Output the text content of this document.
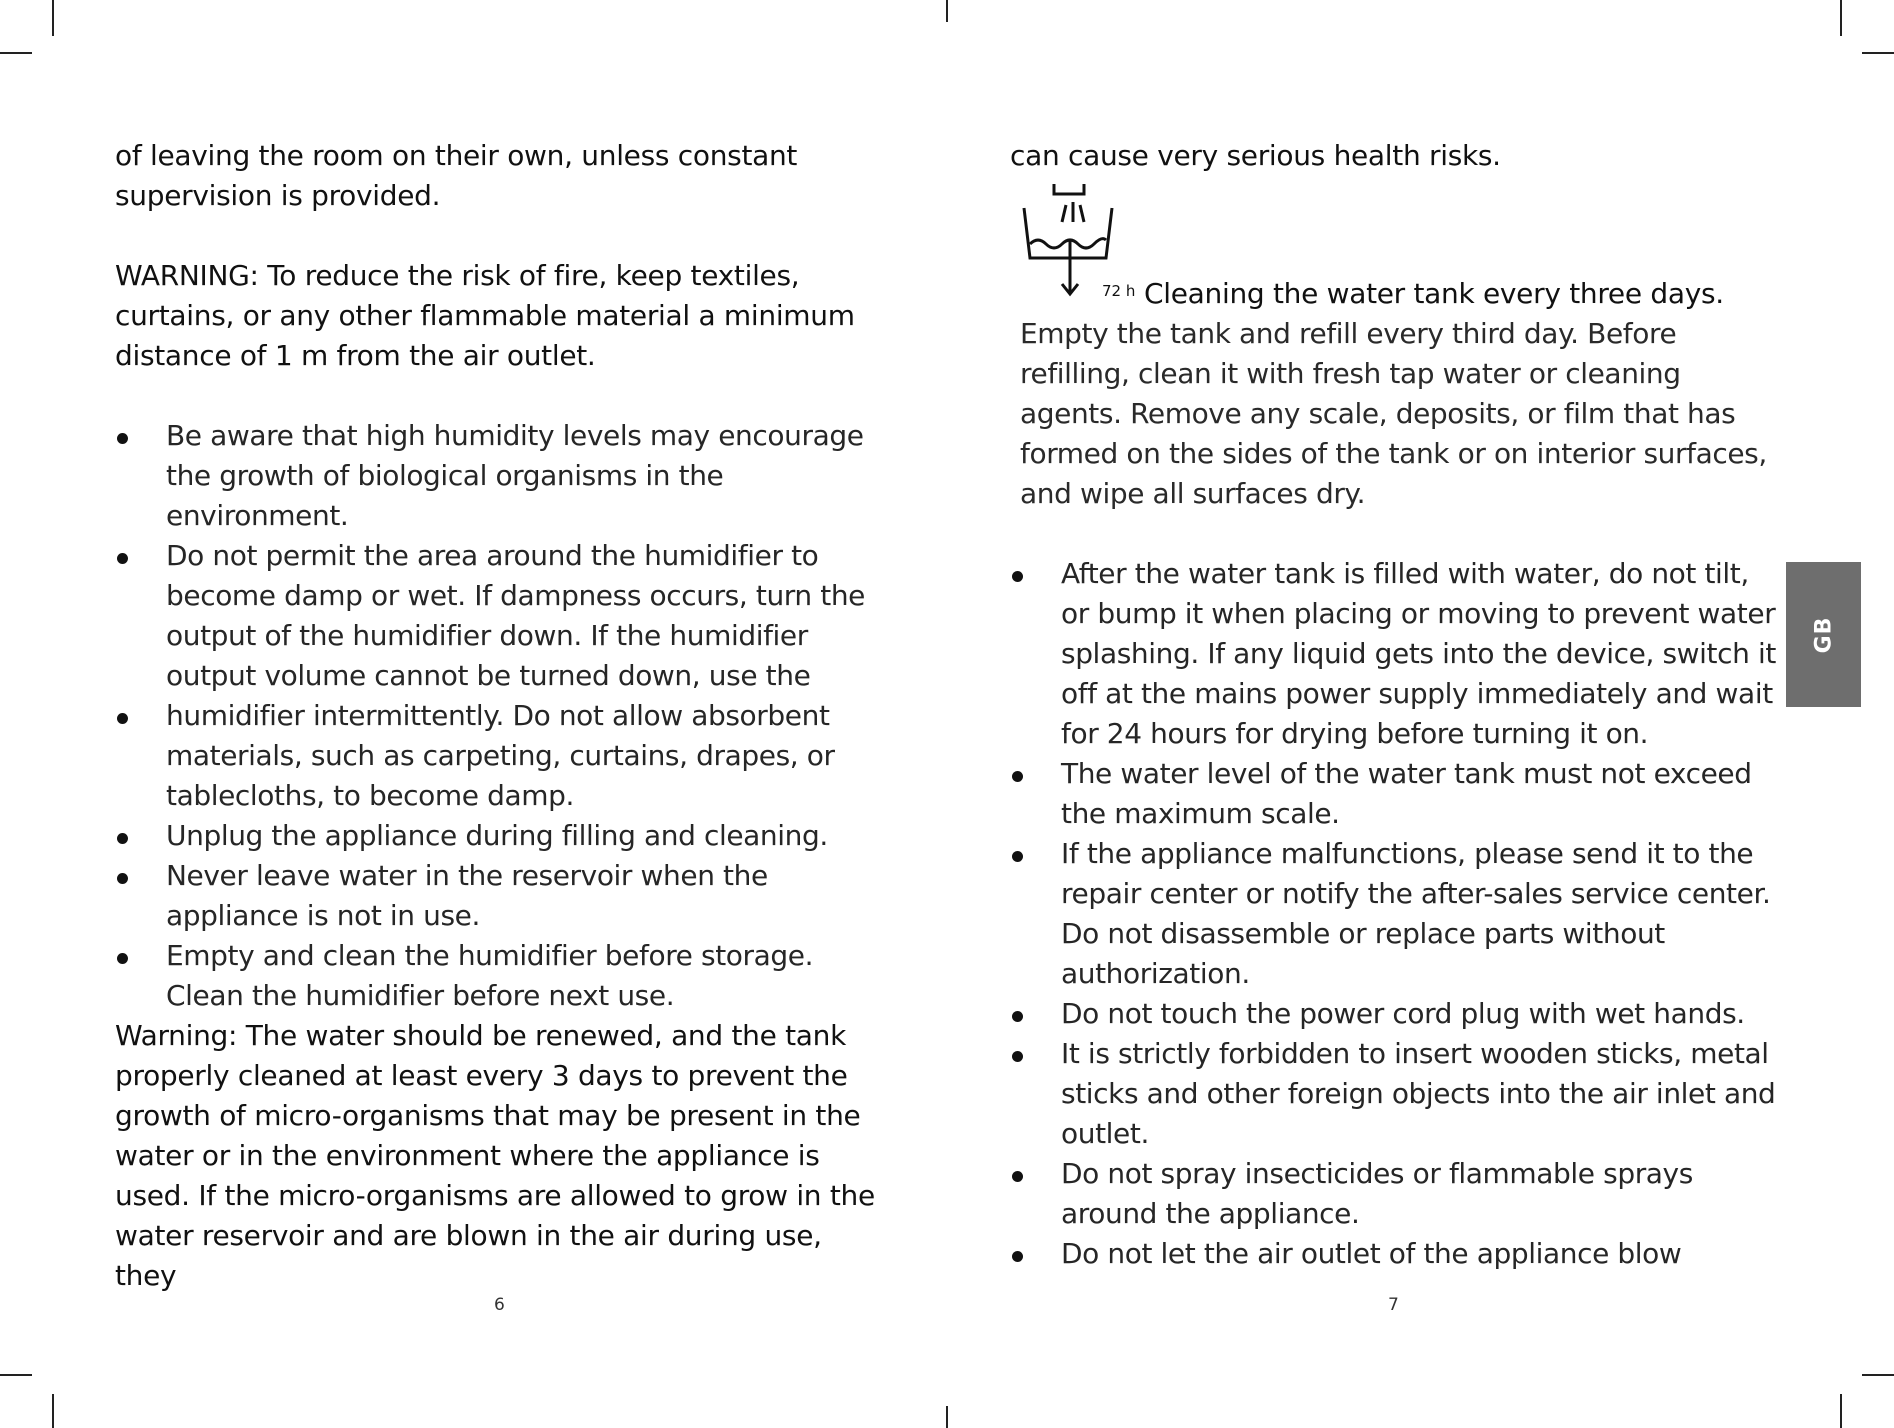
of leaving the room on their own, unless constant supervision is provided.

WARNING: To reduce the risk of fire, keep textiles, curtains, or any other flammable material a minimum distance of 1 m from the air outlet.

Be aware that high humidity levels may encourage the growth of biological organisms in the environment.
Do not permit the area around the humidifier to become damp or wet. If dampness occurs, turn the output of the humidifier down. If the humidifier output volume cannot be turned down, use the
humidifier intermittently. Do not allow absorbent materials, such as carpeting, curtains, drapes, or tablecloths, to become damp.
Unplug the appliance during filling and cleaning.
Never leave water in the reservoir when the appliance is not in use.
Empty and clean the humidifier before storage. Clean the humidifier before next use.

Warning: The water should be renewed, and the tank properly cleaned at least every 3 days to prevent the growth of micro-organisms that may be present in the water or in the environment where the appliance is used. If the micro-organisms are allowed to grow in the water reservoir and are blown in the air during use, they

6

can cause very serious health risks.

72 h Cleaning the water tank every three days.
Empty the tank and refill every third day. Before refilling, clean it with fresh tap water or cleaning agents. Remove any scale, deposits, or film that has formed on the sides of the tank or on interior surfaces, and wipe all surfaces dry.
After the water tank is filled with water, do not tilt, or bump it when placing or moving to prevent water splashing. If any liquid gets into the device, switch it off at the mains power supply immediately and wait for 24 hours for drying before turning it on.
The water level of the water tank must not exceed the maximum scale.
If the appliance malfunctions, please send it to the repair center or notify the after-sales service center. Do not disassemble or replace parts without authorization.
Do not touch the power cord plug with wet hands.
It is strictly forbidden to insert wooden sticks, metal sticks and other foreign objects into the air inlet and outlet.
Do not spray insecticides or flammable sprays around the appliance.
Do not let the air outlet of the appliance blow
7
GB
